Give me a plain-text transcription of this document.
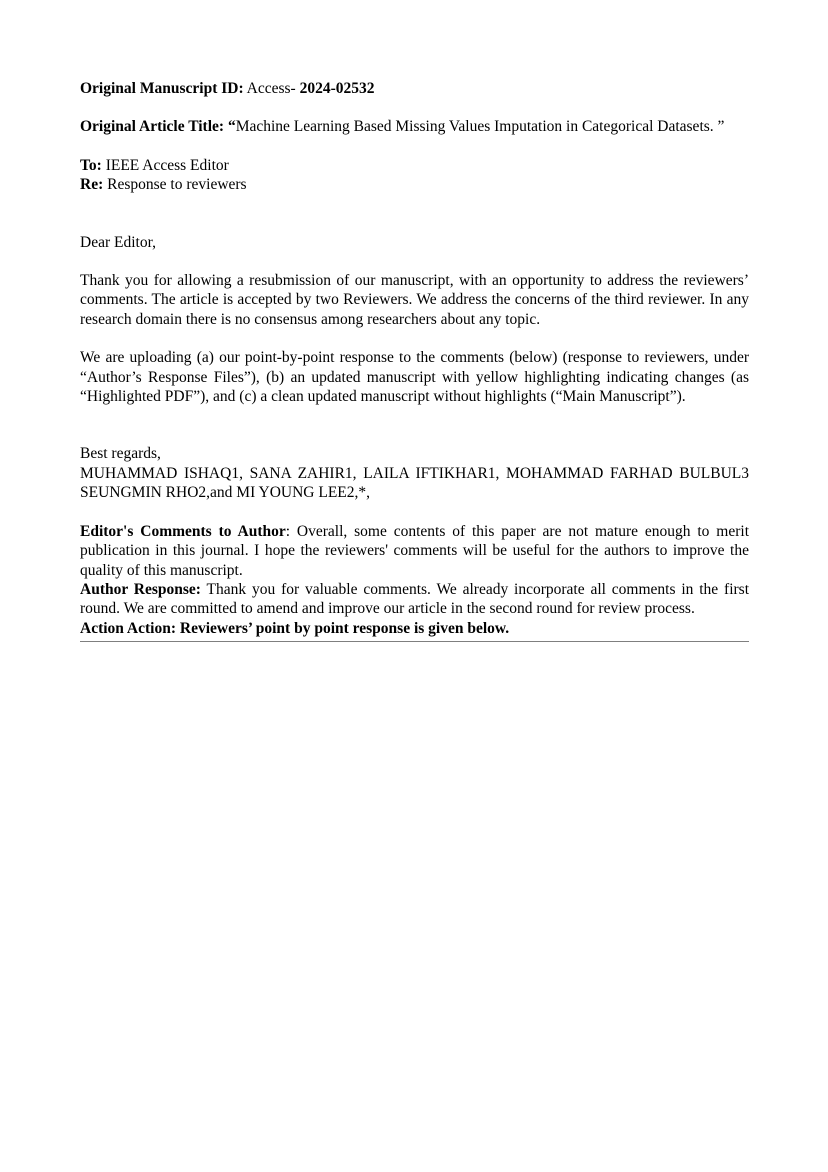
Original Manuscript ID: Access- 2024-02532

Original Article Title: “Machine Learning Based Missing Values Imputation in Categorical Datasets. ”

To: IEEE Access Editor

Re: Response to reviewers

Dear Editor,

Thank you for allowing a resubmission of our manuscript, with an opportunity to address the reviewers’ comments. The article is accepted by two Reviewers. We address the concerns of the third reviewer. In any research domain there is no consensus among researchers about any topic.

We are uploading (a) our point-by-point response to the comments (below) (response to reviewers, under “Author’s Response Files”), (b) an updated manuscript with yellow highlighting indicating changes (as “Highlighted PDF”), and (c) a clean updated manuscript without highlights (“Main Manuscript”).

Best regards,

MUHAMMAD ISHAQ1, SANA ZAHIR1, LAILA IFTIKHAR1, MOHAMMAD FARHAD BULBUL3 SEUNGMIN RHO2,and MI YOUNG LEE2,*,

Editor's Comments to Author: Overall, some contents of this paper are not mature enough to merit publication in this journal. I hope the reviewers' comments will be useful for the authors to improve the quality of this manuscript.

Author Response: Thank you for valuable comments. We already incorporate all comments in the first round. We are committed to amend and improve our article in the second round for review process.

Action Action: Reviewers’ point by point response is given below.
